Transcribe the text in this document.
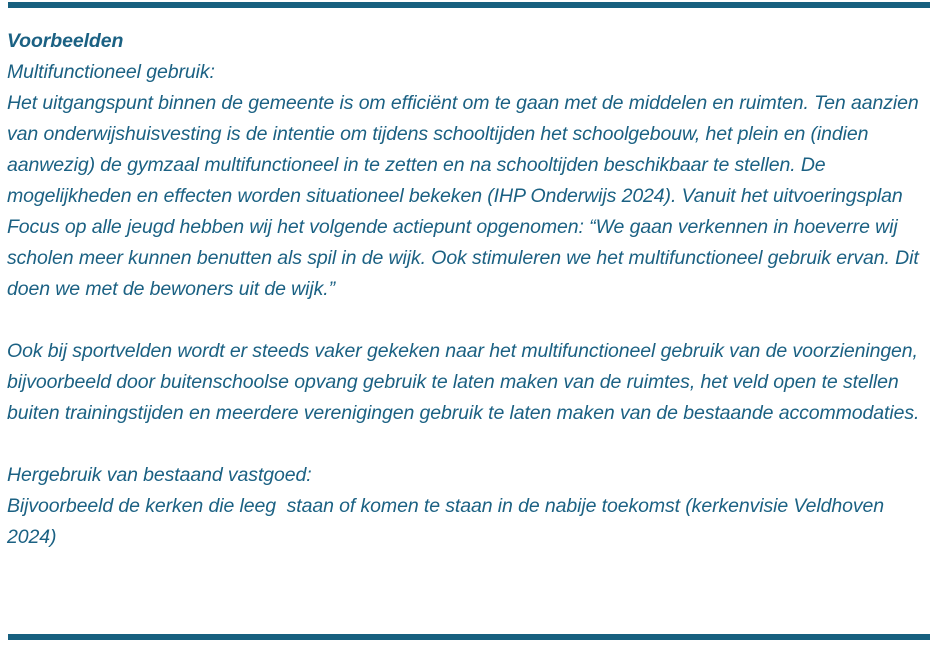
Voorbeelden

Multifunctioneel gebruik:

Het uitgangspunt binnen de gemeente is om efficiënt om te gaan met de middelen en ruimten. Ten aanzien van onderwijshuisvesting is de intentie om tijdens schooltijden het schoolgebouw, het plein en (indien aanwezig) de gymzaal multifunctioneel in te zetten en na schooltijden beschikbaar te stellen. De mogelijkheden en effecten worden situationeel bekeken (IHP Onderwijs 2024). Vanuit het uitvoeringsplan Focus op alle jeugd hebben wij het volgende actiepunt opgenomen: “We gaan verkennen in hoeverre wij scholen meer kunnen benutten als spil in de wijk. Ook stimuleren we het multifunctioneel gebruik ervan. Dit doen we met de bewoners uit de wijk.”

Ook bij sportvelden wordt er steeds vaker gekeken naar het multifunctioneel gebruik van de voorzieningen, bijvoorbeeld door buitenschoolse opvang gebruik te laten maken van de ruimtes, het veld open te stellen buiten trainingstijden en meerdere verenigingen gebruik te laten maken van de bestaande accommodaties.

Hergebruik van bestaand vastgoed:

Bijvoorbeeld de kerken die leeg  staan of komen te staan in de nabije toekomst (kerkenvisie Veldhoven 2024)
